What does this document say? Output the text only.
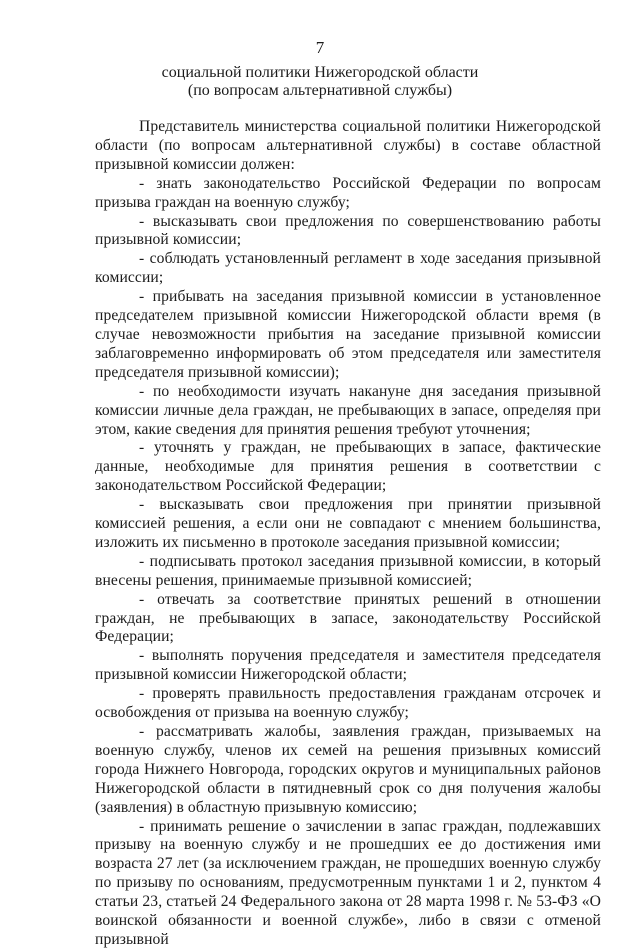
7
социальной политики Нижегородской области
(по вопросам альтернативной службы)

Представитель министерства социальной политики Нижегородской области (по вопросам альтернативной службы) в составе областной призывной комиссии должен:

- знать законодательство Российской Федерации по вопросам призыва граждан на военную службу;

- высказывать свои предложения по совершенствованию работы призывной комиссии;

- соблюдать установленный регламент в ходе заседания призывной комиссии;

- прибывать на заседания призывной комиссии в установленное председателем призывной комиссии Нижегородской области время (в случае невозможности прибытия на заседание призывной комиссии заблаговременно информировать об этом председателя или заместителя председателя призывной комиссии);

- по необходимости изучать накануне дня заседания призывной комиссии личные дела граждан, не пребывающих в запасе, определяя при этом, какие сведения для принятия решения требуют уточнения;

- уточнять у граждан, не пребывающих в запасе, фактические данные, необходимые для принятия решения в соответствии с законодательством Российской Федерации;

- высказывать свои предложения при принятии призывной комиссией решения, а если они не совпадают с мнением большинства, изложить их письменно в протоколе заседания призывной комиссии;

- подписывать протокол заседания призывной комиссии, в который внесены решения, принимаемые призывной комиссией;

- отвечать за соответствие принятых решений в отношении граждан, не пребывающих в запасе, законодательству Российской Федерации;

- выполнять поручения председателя и заместителя председателя призывной комиссии Нижегородской области;

- проверять правильность предоставления гражданам отсрочек и освобождения от призыва на военную службу;

- рассматривать жалобы, заявления граждан, призываемых на военную службу, членов их семей на решения призывных комиссий города Нижнего Новгорода, городских округов и муниципальных районов Нижегородской области в пятидневный срок со дня получения жалобы (заявления) в областную призывную комиссию;

- принимать решение о зачислении в запас граждан, подлежавших призыву на военную службу и не прошедших ее до достижения ими возраста 27 лет (за исключением граждан, не прошедших военную службу по призыву по основаниям, предусмотренным пунктами 1 и 2, пунктом 4 статьи 23, статьей 24 Федерального закона от 28 марта 1998 г. № 53-ФЗ «О воинской обязанности и военной службе», либо в связи с отменой призывной
